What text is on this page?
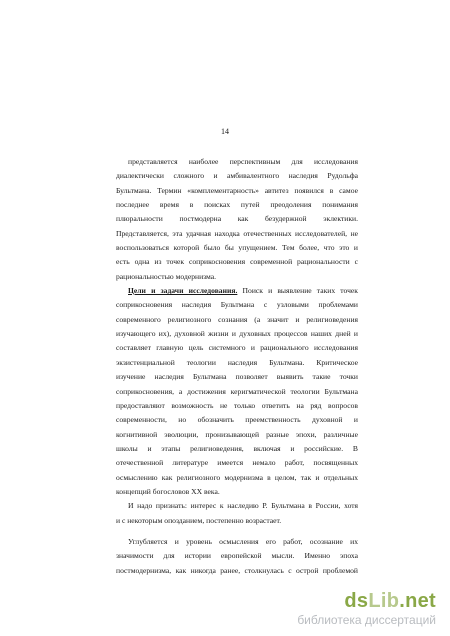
14
представляется наиболее перспективным для исследования
диалектически сложного и амбивалентного наследия Рудольфа
Бультмана. Термин «комплементарность» автитез появился в самое
последнее время в поисках путей преодоления понимания
плюральности постмодерна как безудержной эклектики.
Представляется, эта удачная находка отечественных исследователей, не
воспользоваться которой было бы упущением. Тем более, что это и
есть одна из точек соприкосновения современной рациональности с
рациональностью модернизма.
Цели и задачи исследования. Поиск и выявление таких точек
соприкосновения наследия Бультмана с узловыми проблемами
современного религиозного сознания (а значит и религиоведения
изучающего их), духовной жизни и духовных процессов наших дней и
составляет главную цель системного и рационального исследования
экзистенциальной теологии наследия Бультмана. Критическое
изучение наследия Бультмана позволяет выявить такие точки
соприкосновения, а достижения керигматической теологии Бультмана
предоставляют возможность не только ответить на ряд вопросов
современности, но обозначить преемственность духовной и
когнитивной эволюции, пронизывающей разные эпохи, различные
школы и этапы религиоведения, включая и российские. В
отечественной литературе имеется немало работ, посвященных
осмыслению как религиозного модернизма в целом, так и отдельных
концепций богословов XX века.
И надо признать: интерес к наследию Р. Бультмана в России, хотя
и с некоторым опозданием, постепенно возрастает.
Углубляется и уровень осмысления его работ, осознание их
значимости для истории европейской мысли. Именно эпоха
постмодернизма, как никогда ранее, столкнулась с острой проблемой
dsLib.net
библиотека диссертаций
